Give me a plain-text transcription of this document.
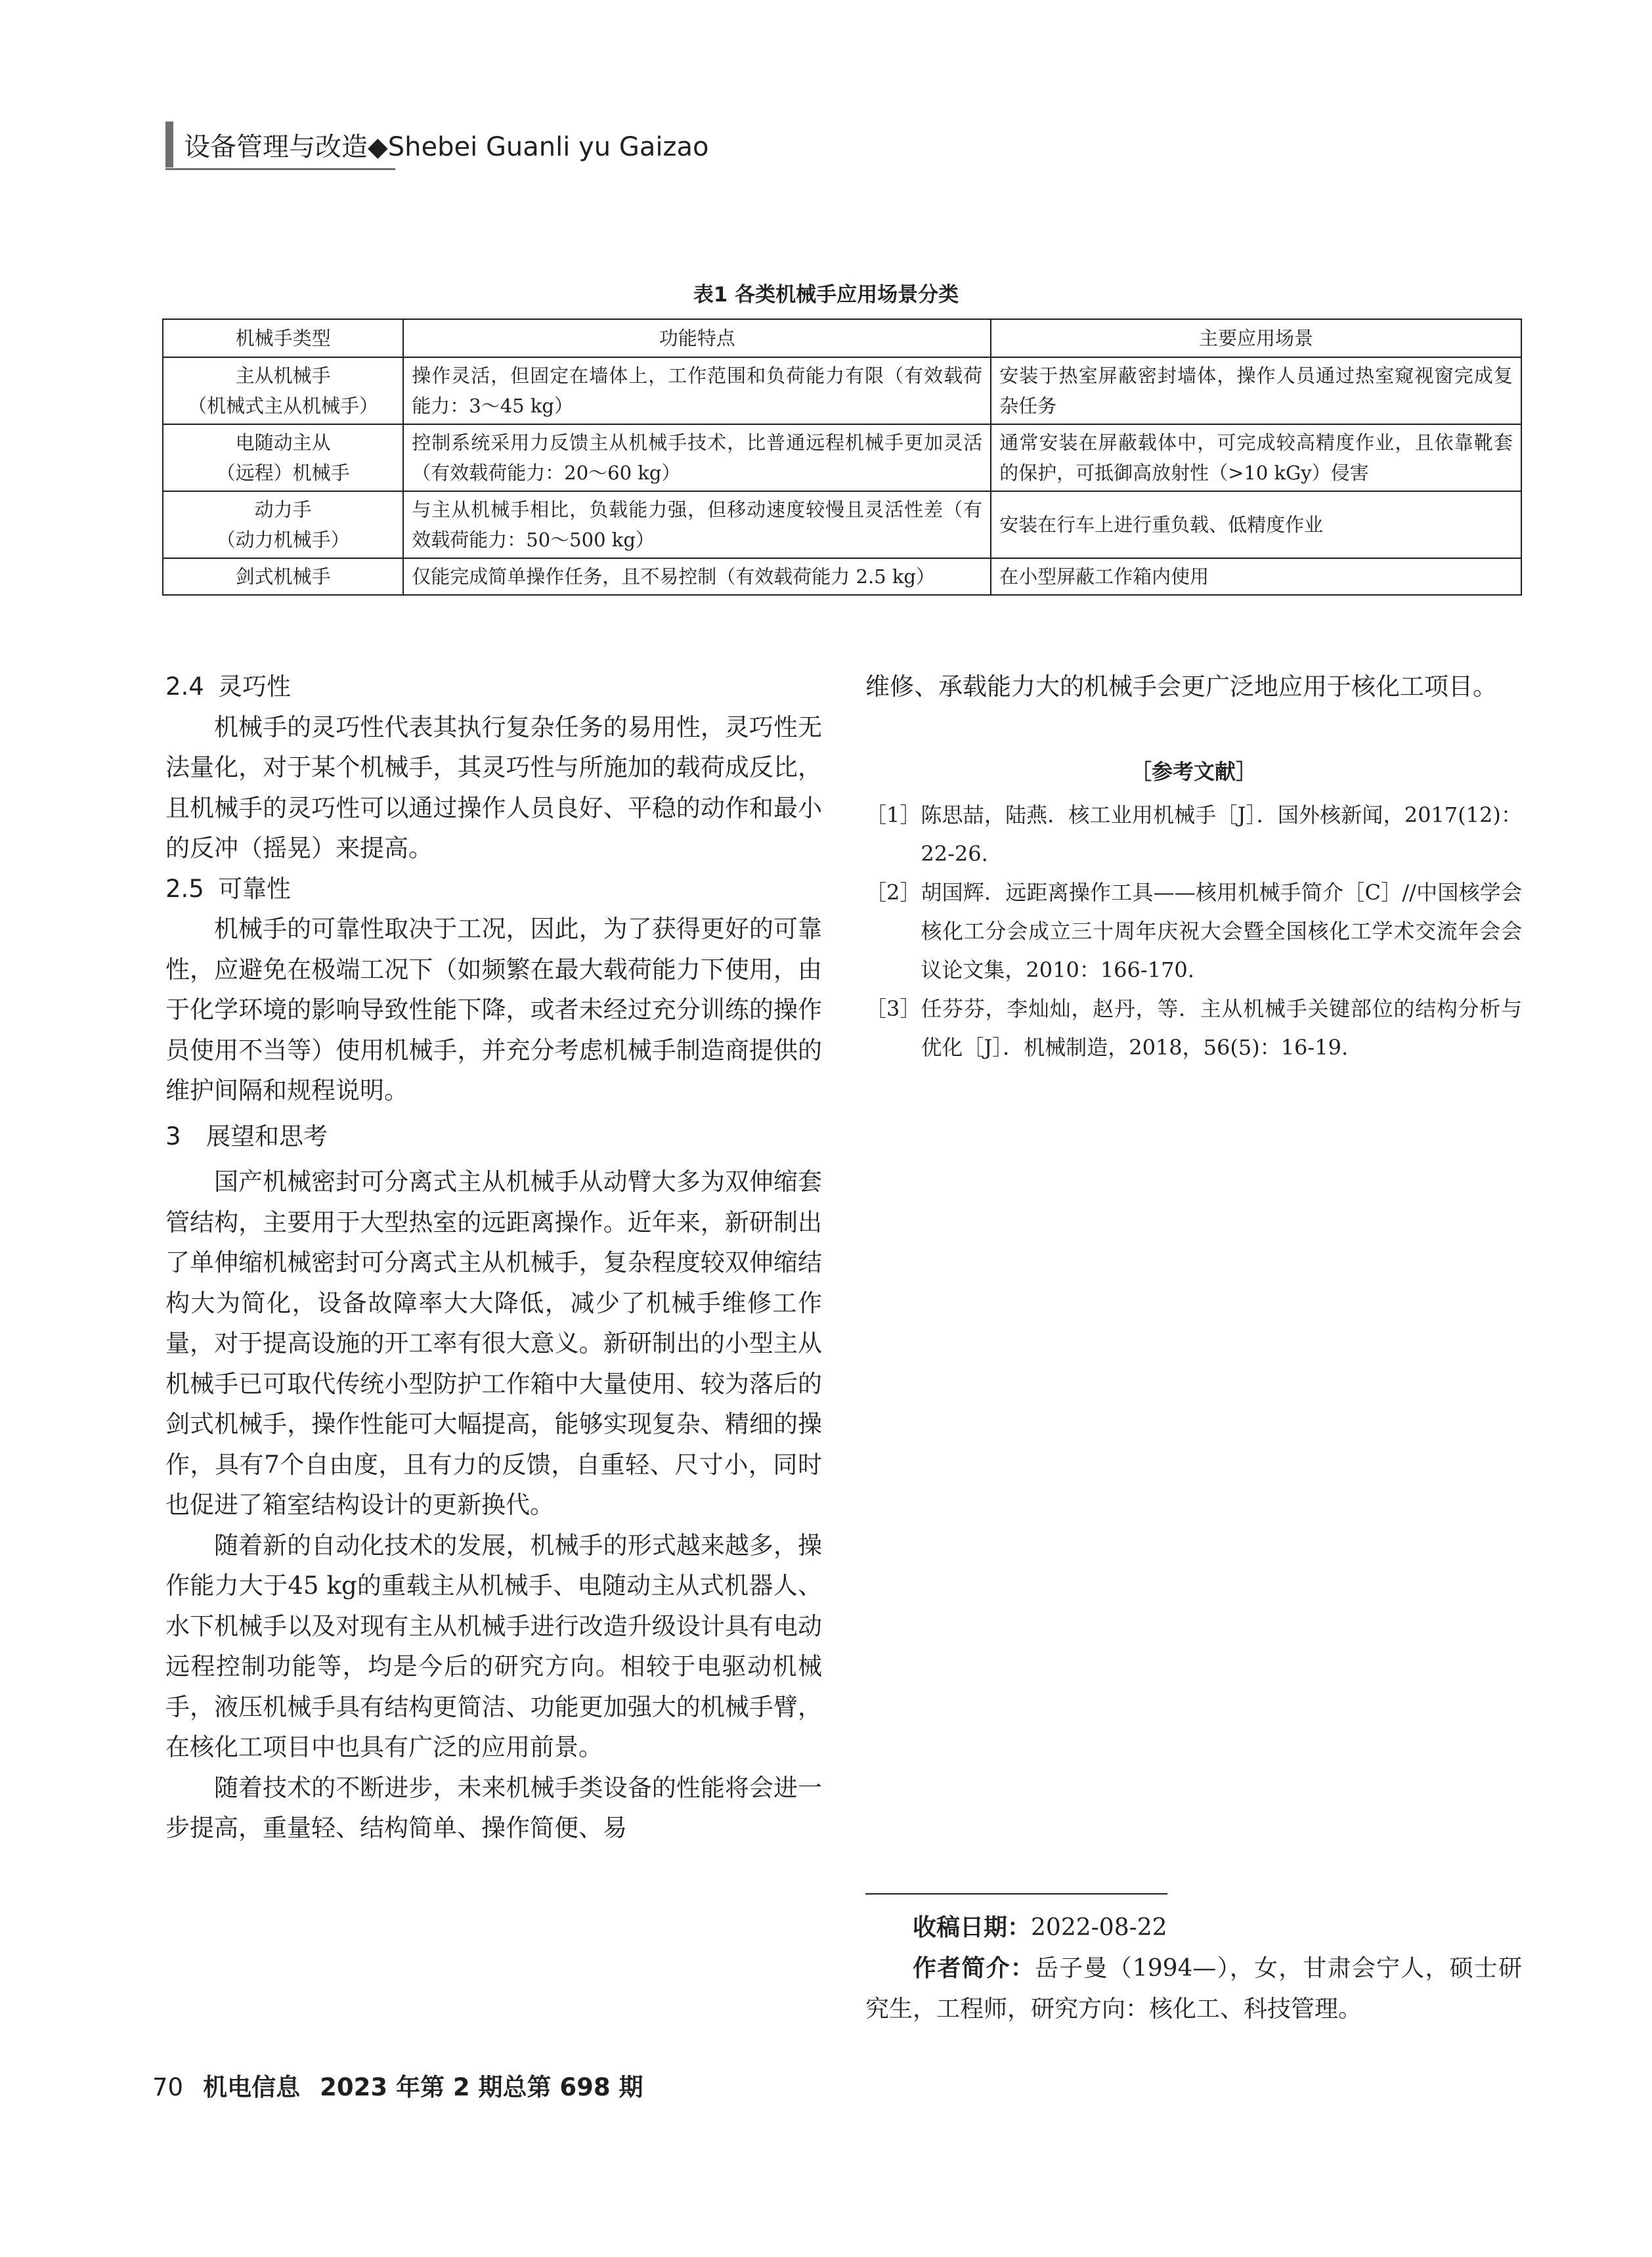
设备管理与改造◆Shebei Guanli yu Gaizao
表1 各类机械手应用场景分类
机械手类型	功能特点	主要应用场景
主从机械手
（机械式主从机械手）	操作灵活，但固定在墙体上，工作范围和负荷能力有限（有效载荷能力：3～45 kg）	安装于热室屏蔽密封墙体，操作人员通过热室窥视窗完成复杂任务
电随动主从
（远程）机械手	控制系统采用力反馈主从机械手技术，比普通远程机械手更加灵活（有效载荷能力：20～60 kg）	通常安装在屏蔽载体中，可完成较高精度作业，且依靠靴套的保护，可抵御高放射性（>10 kGy）侵害
动力手
（动力机械手）	与主从机械手相比，负载能力强，但移动速度较慢且灵活性差（有效载荷能力：50～500 kg）	安装在行车上进行重负载、低精度作业
剑式机械手	仅能完成简单操作任务，且不易控制（有效载荷能力 2.5 kg）	在小型屏蔽工作箱内使用
2.4 灵巧性

机械手的灵巧性代表其执行复杂任务的易用性，灵巧性无法量化，对于某个机械手，其灵巧性与所施加的载荷成反比，且机械手的灵巧性可以通过操作人员良好、平稳的动作和最小的反冲（摇晃）来提高。

2.5 可靠性

机械手的可靠性取决于工况，因此，为了获得更好的可靠性，应避免在极端工况下（如频繁在最大载荷能力下使用，由于化学环境的影响导致性能下降，或者未经过充分训练的操作员使用不当等）使用机械手，并充分考虑机械手制造商提供的维护间隔和规程说明。

3 展望和思考

国产机械密封可分离式主从机械手从动臂大多为双伸缩套管结构，主要用于大型热室的远距离操作。近年来，新研制出了单伸缩机械密封可分离式主从机械手，复杂程度较双伸缩结构大为简化，设备故障率大大降低，减少了机械手维修工作量，对于提高设施的开工率有很大意义。新研制出的小型主从机械手已可取代传统小型防护工作箱中大量使用、较为落后的剑式机械手，操作性能可大幅提高，能够实现复杂、精细的操作，具有7个自由度，且有力的反馈，自重轻、尺寸小，同时也促进了箱室结构设计的更新换代。

随着新的自动化技术的发展，机械手的形式越来越多，操作能力大于45 kg的重载主从机械手、电随动主从式机器人、水下机械手以及对现有主从机械手进行改造升级设计具有电动远程控制功能等，均是今后的研究方向。相较于电驱动机械手，液压机械手具有结构更简洁、功能更加强大的机械手臂，在核化工项目中也具有广泛的应用前景。

随着技术的不断进步，未来机械手类设备的性能将会进一步提高，重量轻、结构简单、操作简便、易

维修、承载能力大的机械手会更广泛地应用于核化工项目。

［参考文献］
［1］ 陈思喆，陆燕．核工业用机械手［J］．国外核新闻，2017(12)：22-26.
［2］ 胡国辉．远距离操作工具——核用机械手简介［C］//中国核学会核化工分会成立三十周年庆祝大会暨全国核化工学术交流年会会议论文集，2010：166-170.
［3］ 任芬芬，李灿灿，赵丹，等．主从机械手关键部位的结构分析与优化［J］．机械制造，2018，56(5)：16-19.

收稿日期：2022-08-22

作者简介：岳子曼（1994—），女，甘肃会宁人，硕士研究生，工程师，研究方向：核化工、科技管理。

70 机电信息 2023 年第 2 期总第 698 期
